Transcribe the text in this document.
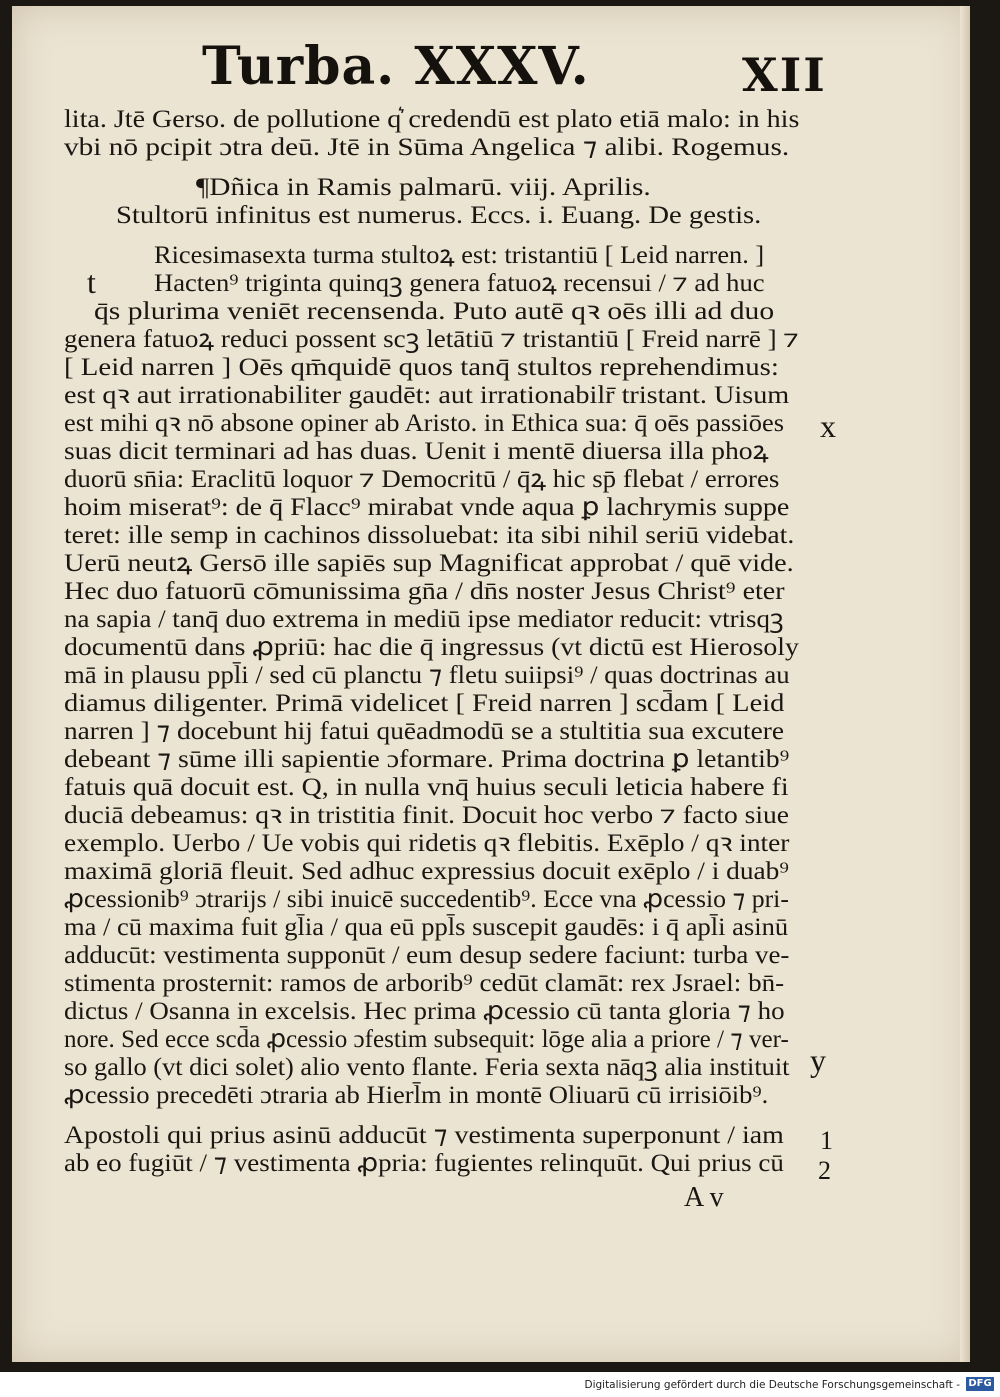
Turba. XXXV.	XII
t
x
y
1
2
A v
lita. Jtē Gerso. de pollutione q͛ credendū est plato etiā malo: in his
vbi nō pcipit ɔtra deū. Jtē in Sūma Angelica ⁊ alibi. Rogemus.
¶Dñica in Ramis palmarū. viij. Aprilis.
Stultorū infinitus est numerus. Eccs. i. Euang. De gestis.
Ricesimasexta turma stultoꝝ est: tristantiū [ Leid narren. ]
Hacten⁹ triginta quinqꝫ genera fatuoꝝ recensui / ⁊ ad huc
q̄s plurima veniēt recensenda. Puto autē qꝛ oēs illi ad duo
genera fatuoꝝ reduci possent scꝫ letātiū ⁊ tristantiū [ Freid narrē ] ⁊
[ Leid narren ] Oēs qm̄quidē quos tanq̄ stultos reprehendimus:
est qꝛ aut irrationabiliter gaudēt: aut irrationabilr̄ tristant. Uisum
est mihi qꝛ nō absone opiner ab Aristo. in Ethica sua: q̄ oēs passiōes
suas dicit terminari ad has duas. Uenit i mentē diuersa illa phoꝝ
duorū sn̄ia: Eraclitū loquor ⁊ Democritū / q̄ꝝ hic sp̄ flebat / errores
hoim miserat⁹: de q̄ Flacc⁹ mirabat vnde aqua ꝑ lachrymis suppe
teret: ille semp in cachinos dissoluebat: ita sibi nihil seriū videbat.
Uerū neutꝝ Gersō ille sapiēs sup Magnificat approbat / quē vide.
Hec duo fatuorū cōmunissima gn̄a / dn̄s noster Jesus Christ⁹ eter
na sapia / tanq̄ duo extrema in mediū ipse mediator reducit: vtrisqꝫ
documentū dans ꝓpriū: hac die q̄ ingressus (vt dictū est Hierosoly
mā in plausu ppl̄i / sed cū planctu ⁊ fletu suiipsi⁹ / quas doctrinas au
diamus diligenter. Primā videlicet [ Freid narren ] scd̄am [ Leid
narren ] ⁊ docebunt hij fatui quēadmodū se a stultitia sua excutere
debeant ⁊ sūme illi sapientie ɔformare. Prima doctrina ꝑ letantib⁹
fatuis quā docuit est. Q, in nulla vnq̄ huius seculi leticia habere fi
duciā debeamus: qꝛ in tristitia finit. Docuit hoc verbo ⁊ facto siue
exemplo. Uerbo / Ue vobis qui ridetis qꝛ flebitis. Exēplo / qꝛ inter
maximā gloriā fleuit. Sed adhuc expressius docuit exēplo / i duab⁹
ꝓcessionib⁹ ɔtrarijs / sibi inuicē succedentib⁹. Ecce vna ꝓcessio ⁊ pri-
ma / cū maxima fuit gl̄ia / qua eū ppl̄s suscepit gaudēs: i q̄ apl̄i asinū
adducūt: vestimenta supponūt / eum desup sedere faciunt: turba ve-
stimenta prosternit: ramos de arborib⁹ cedūt clamāt: rex Jsrael: bn̄-
dictus / Osanna in excelsis. Hec prima ꝓcessio cū tanta gloria ⁊ ho
nore. Sed ecce scd̄a ꝓcessio ɔfestim subsequit: lōge alia a priore / ⁊ ver-
so gallo (vt dici solet) alio vento flante. Feria sexta nāqꝫ alia instituit
ꝓcessio precedēti ɔtraria ab Hierl̄m in montē Oliuarū cū irrisiōib⁹.
Apostoli qui prius asinū adducūt ⁊ vestimenta superponunt / iam
ab eo fugiūt / ⁊ vestimenta ꝓpria: fugientes relinquūt. Qui prius cū
Digitalisierung gefördert durch die Deutsche Forschungsgemeinschaft - DFG
